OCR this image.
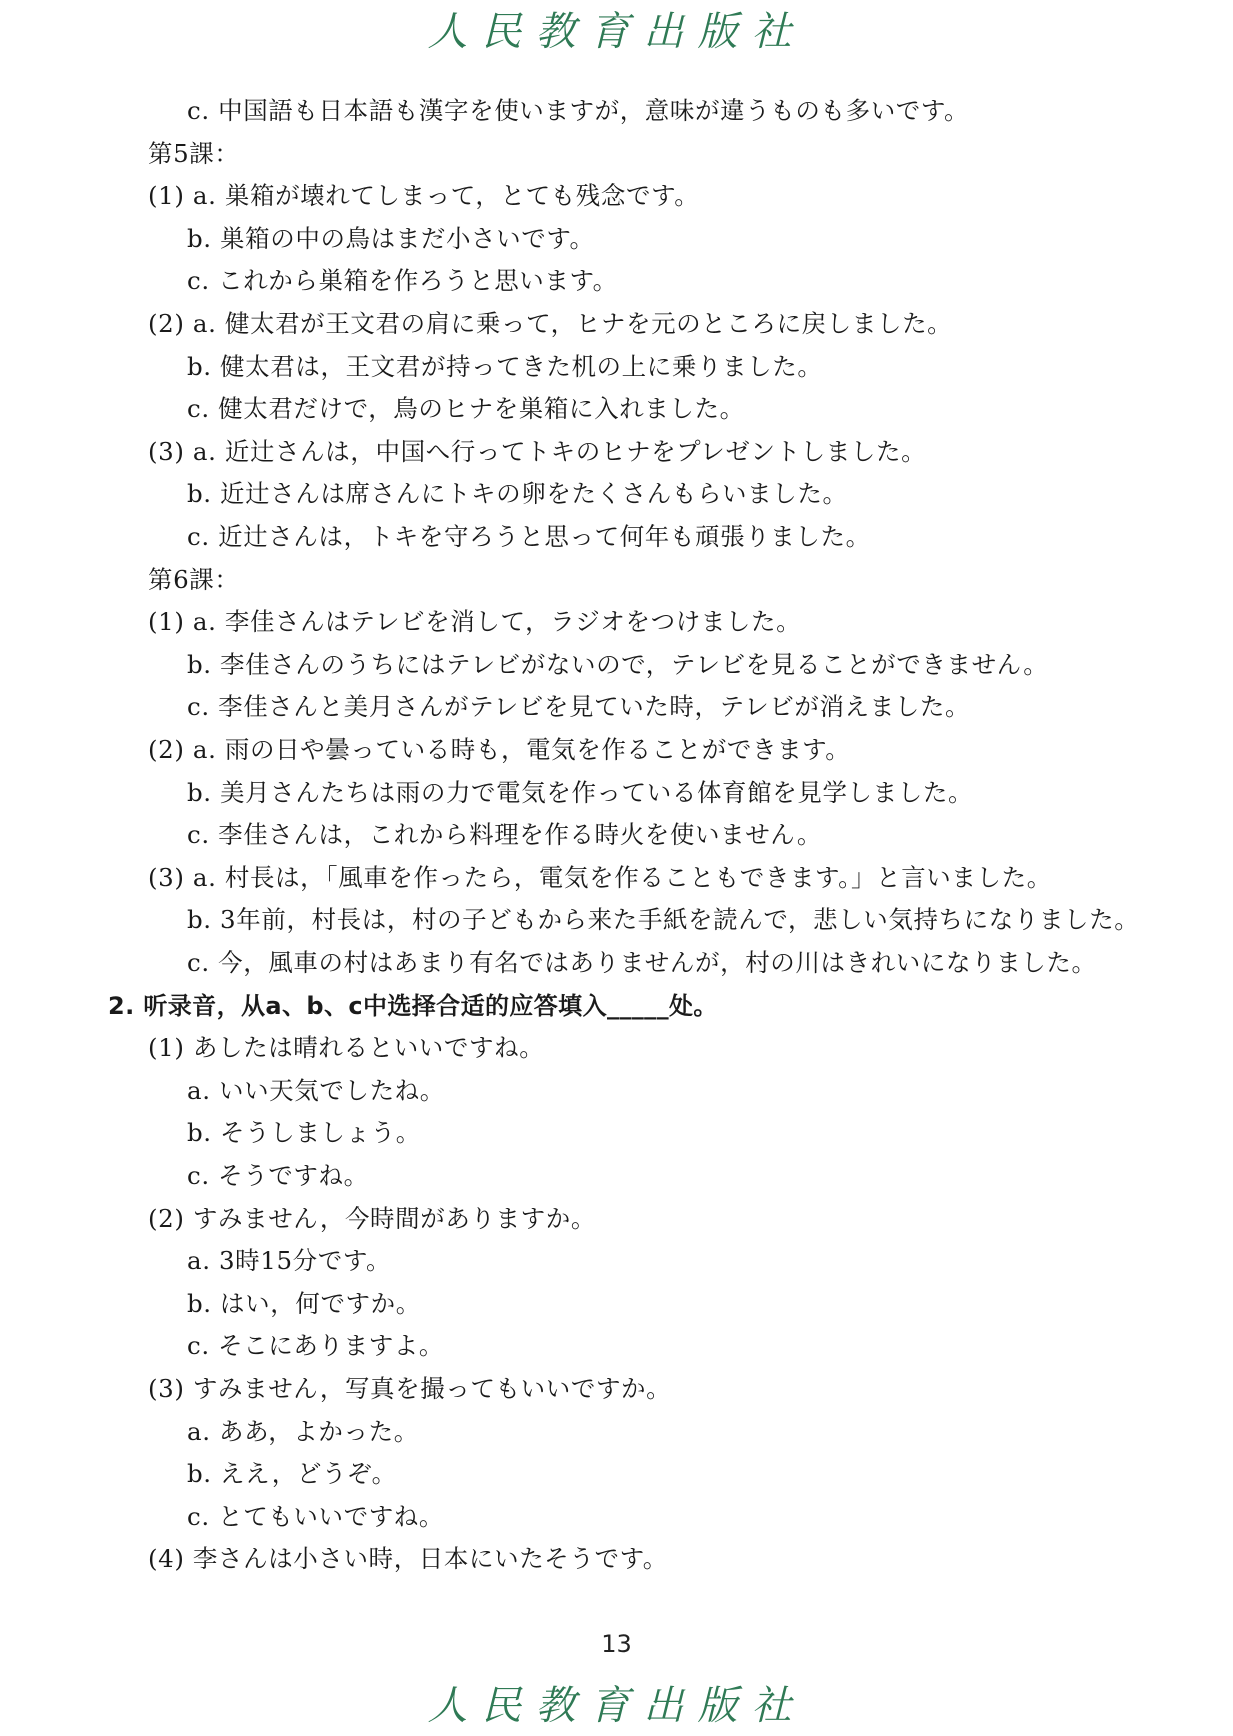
人民教育出版社
c. 中国語も日本語も漢字を使いますが，意味が違うものも多いです。
第5課：
(1) a. 巣箱が壊れてしまって，とても残念です。
b. 巣箱の中の鳥はまだ小さいです。
c. これから巣箱を作ろうと思います。
(2) a. 健太君が王文君の肩に乗って，ヒナを元のところに戻しました。
b. 健太君は，王文君が持ってきた机の上に乗りました。
c. 健太君だけで，鳥のヒナを巣箱に入れました。
(3) a. 近辻さんは，中国へ行ってトキのヒナをプレゼントしました。
b. 近辻さんは席さんにトキの卵をたくさんもらいました。
c. 近辻さんは，トキを守ろうと思って何年も頑張りました。
第6課：
(1) a. 李佳さんはテレビを消して，ラジオをつけました。
b. 李佳さんのうちにはテレビがないので，テレビを見ることができません。
c. 李佳さんと美月さんがテレビを見ていた時，テレビが消えました。
(2) a. 雨の日や曇っている時も，電気を作ることができます。
b. 美月さんたちは雨の力で電気を作っている体育館を見学しました。
c. 李佳さんは，これから料理を作る時火を使いません。
(3) a. 村長は，「風車を作ったら，電気を作ることもできます。」と言いました。
b. 3年前，村長は，村の子どもから来た手紙を読んで，悲しい気持ちになりました。
c. 今，風車の村はあまり有名ではありませんが，村の川はきれいになりました。
2. 听录音，从a、b、c中选择合适的应答填入_____处。
(1) あしたは晴れるといいですね。
a. いい天気でしたね。
b. そうしましょう。
c. そうですね。
(2) すみません，今時間がありますか。
a. 3時15分です。
b. はい，何ですか。
c. そこにありますよ。
(3) すみません，写真を撮ってもいいですか。
a. ああ，よかった。
b. ええ，どうぞ。
c. とてもいいですね。
(4) 李さんは小さい時，日本にいたそうです。
13
人民教育出版社
